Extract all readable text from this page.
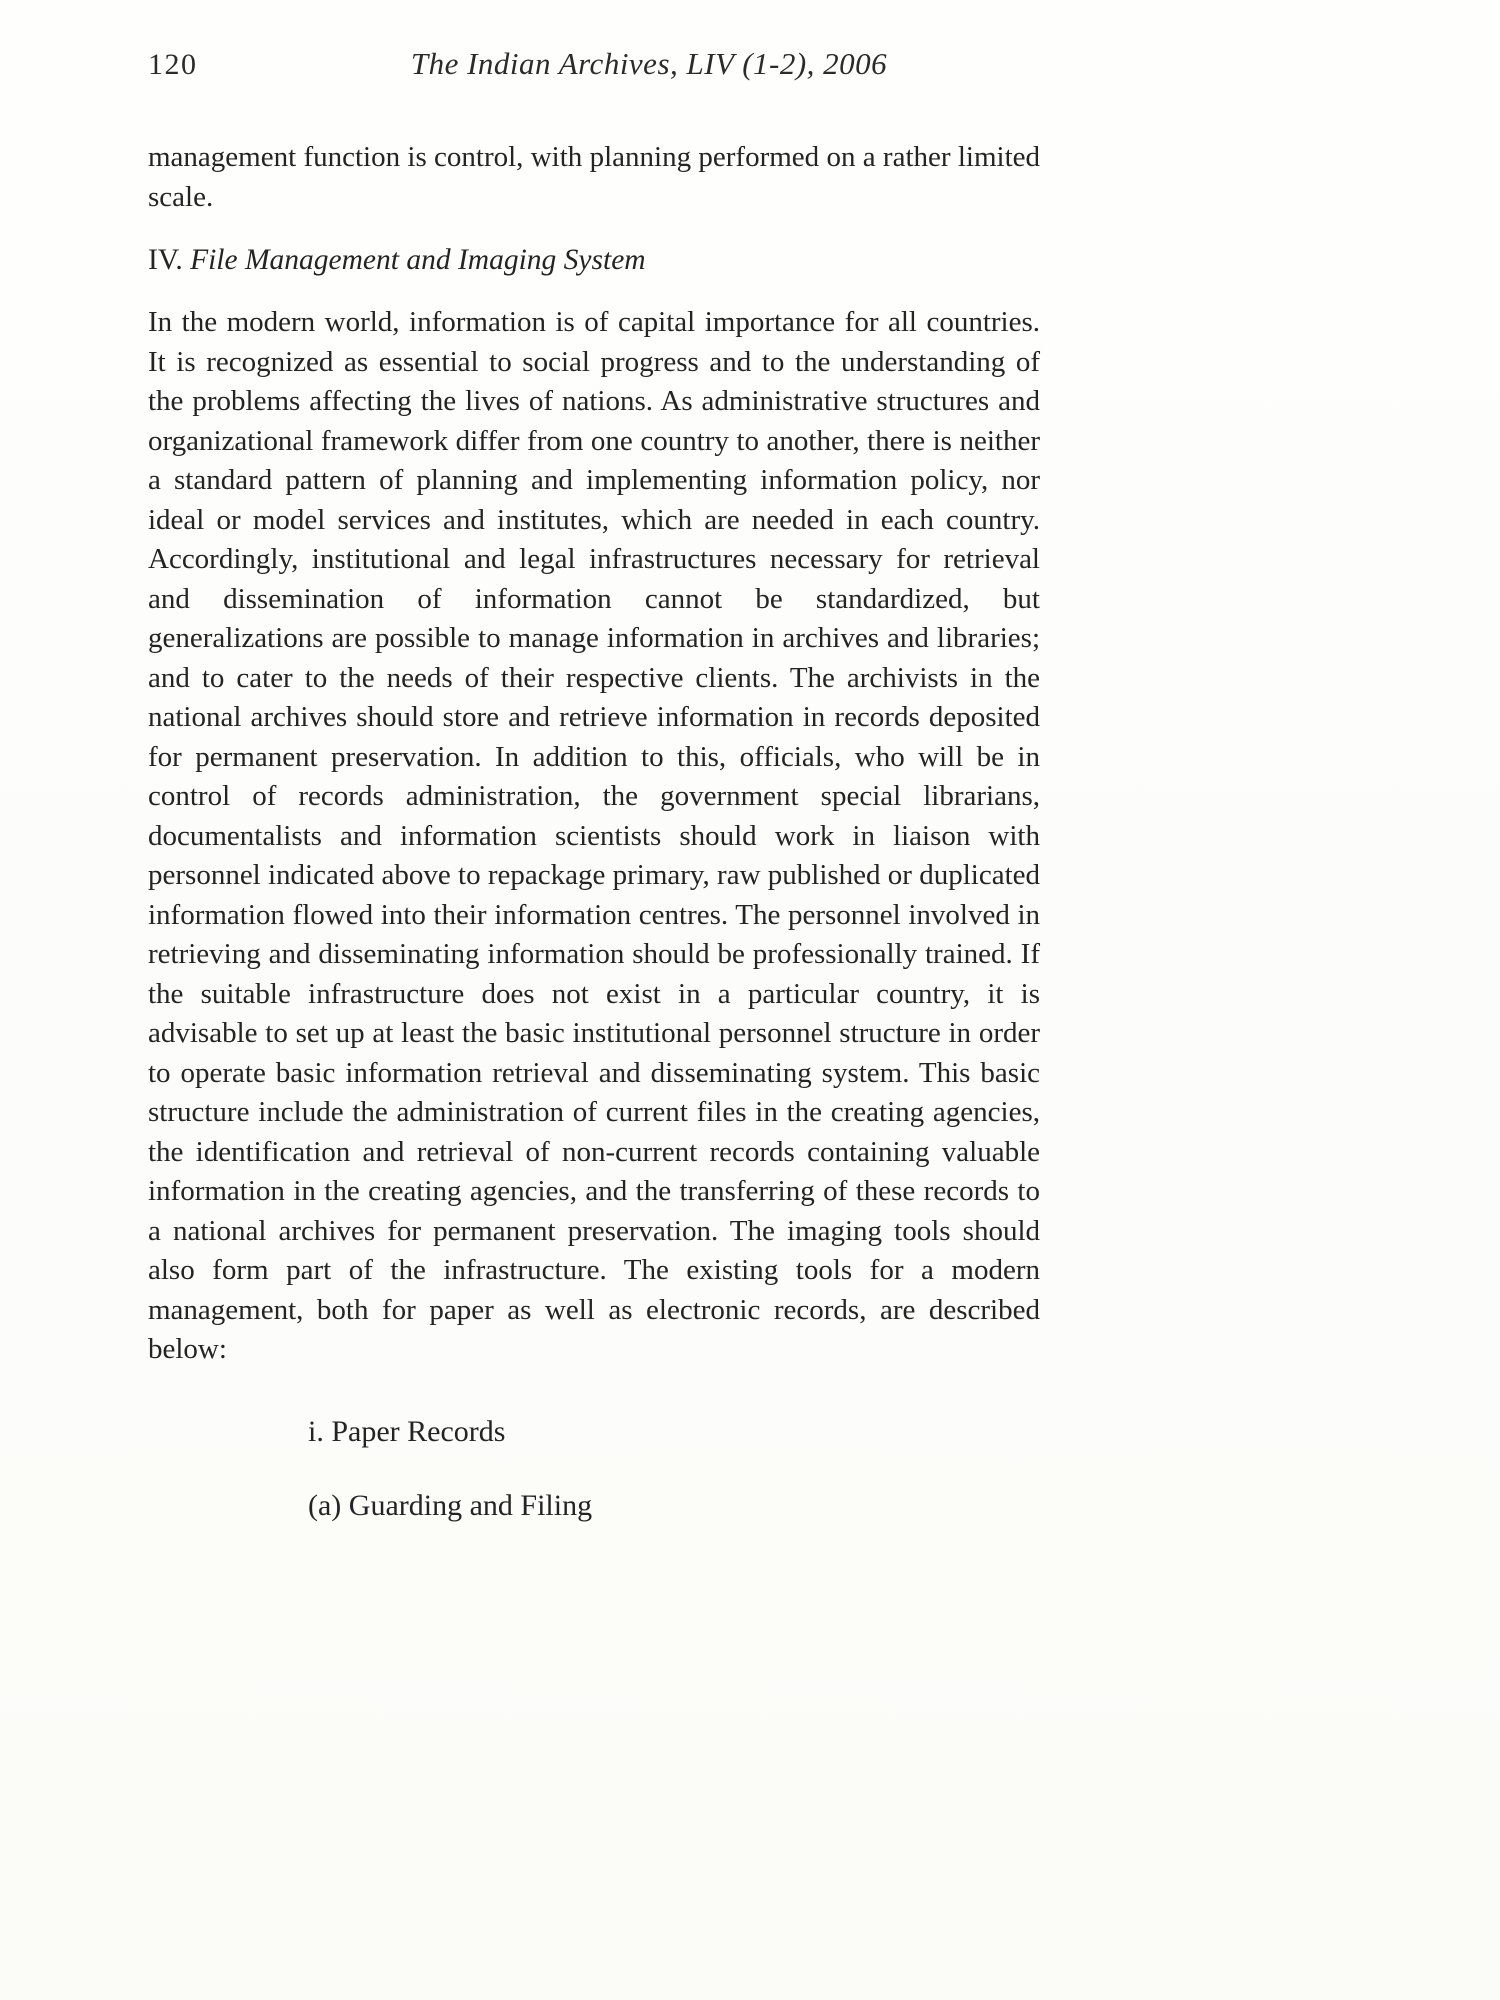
120	The Indian Archives, LIV (1-2), 2006

management function is control, with planning performed on a rather limited scale.

IV. File Management and Imaging System

In the modern world, information is of capital importance for all countries. It is recognized as essential to social progress and to the understanding of the problems affecting the lives of nations. As administrative structures and organizational framework differ from one country to another, there is neither a standard pattern of planning and implementing information policy, nor ideal or model services and institutes, which are needed in each country. Accordingly, institutional and legal infrastructures necessary for retrieval and dissemination of information cannot be standardized, but generalizations are possible to manage information in archives and libraries; and to cater to the needs of their respective clients. The archivists in the national archives should store and retrieve information in records deposited for permanent preservation. In addition to this, officials, who will be in control of records administration, the government special librarians, documentalists and information scientists should work in liaison with personnel indicated above to repackage primary, raw published or duplicated information flowed into their information centres. The personnel involved in retrieving and disseminating information should be professionally trained. If the suitable infrastructure does not exist in a particular country, it is advisable to set up at least the basic institutional personnel structure in order to operate basic information retrieval and disseminating system. This basic structure include the administration of current files in the creating agencies, the identification and retrieval of non-current records containing valuable information in the creating agencies, and the transferring of these records to a national archives for permanent preservation. The imaging tools should also form part of the infrastructure. The existing tools for a modern management, both for paper as well as electronic records, are described below:

i. Paper Records

(a) Guarding and Filing
